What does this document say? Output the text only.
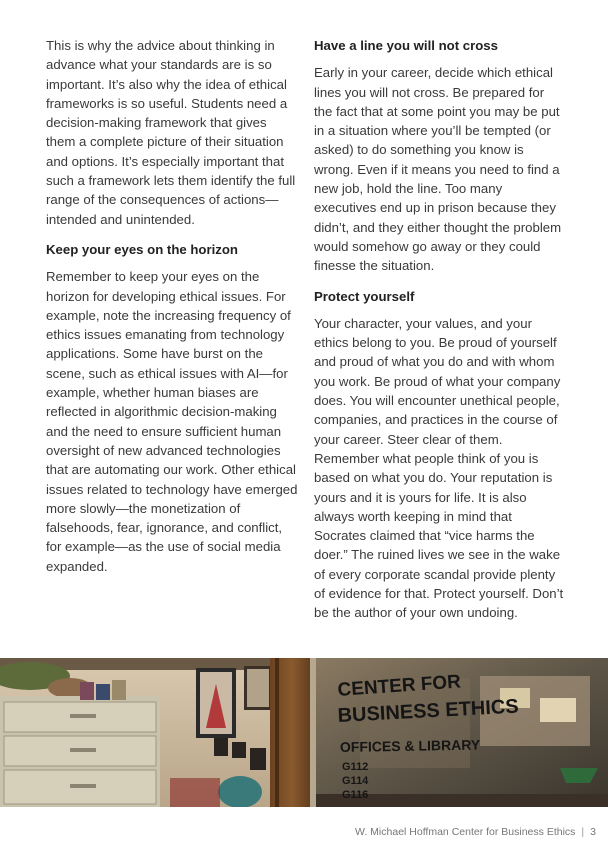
This is why the advice about thinking in advance what your standards are is so important. It’s also why the idea of ethical frameworks is so useful. Students need a decision-making framework that gives them a complete picture of their situation and options. It’s especially important that such a framework lets them identify the full range of the consequences of actions—intended and unintended.

Keep your eyes on the horizon

Remember to keep your eyes on the horizon for developing ethical issues. For example, note the increasing frequency of ethics issues emanating from technology applications. Some have burst on the scene, such as ethical issues with AI—for example, whether human biases are reflected in algorithmic decision-making and the need to ensure sufficient human oversight of new advanced technologies that are automating our work. Other ethical issues related to technology have emerged more slowly—the monetization of falsehoods, fear, ignorance, and conflict, for example—as the use of social media expanded.

Have a line you will not cross

Early in your career, decide which ethical lines you will not cross. Be prepared for the fact that at some point you may be put in a situation where you’ll be tempted (or asked) to do something you know is wrong. Even if it means you need to find a new job, hold the line. Too many executives end up in prison because they didn’t, and they either thought the problem would somehow go away or they could finesse the situation.

Protect yourself

Your character, your values, and your ethics belong to you. Be proud of yourself and proud of what you do and with whom you work. Be proud of what your company does. You will encounter unethical people, companies, and practices in the course of your career. Steer clear of them. Remember what people think of you is based on what you do. Your reputation is yours and it is yours for life. It is also always worth keeping in mind that Socrates claimed that “vice harms the doer.” The ruined lives we see in the wake of every corporate scandal provide plenty of evidence for that. Protect yourself. Don’t be the author of your own undoing.

CENTER FOR
BUSINESS ETHICS
OFFICES & LIBRARY
G112
G114
G116
W. Michael Hoffman Center for Business Ethics | 3
